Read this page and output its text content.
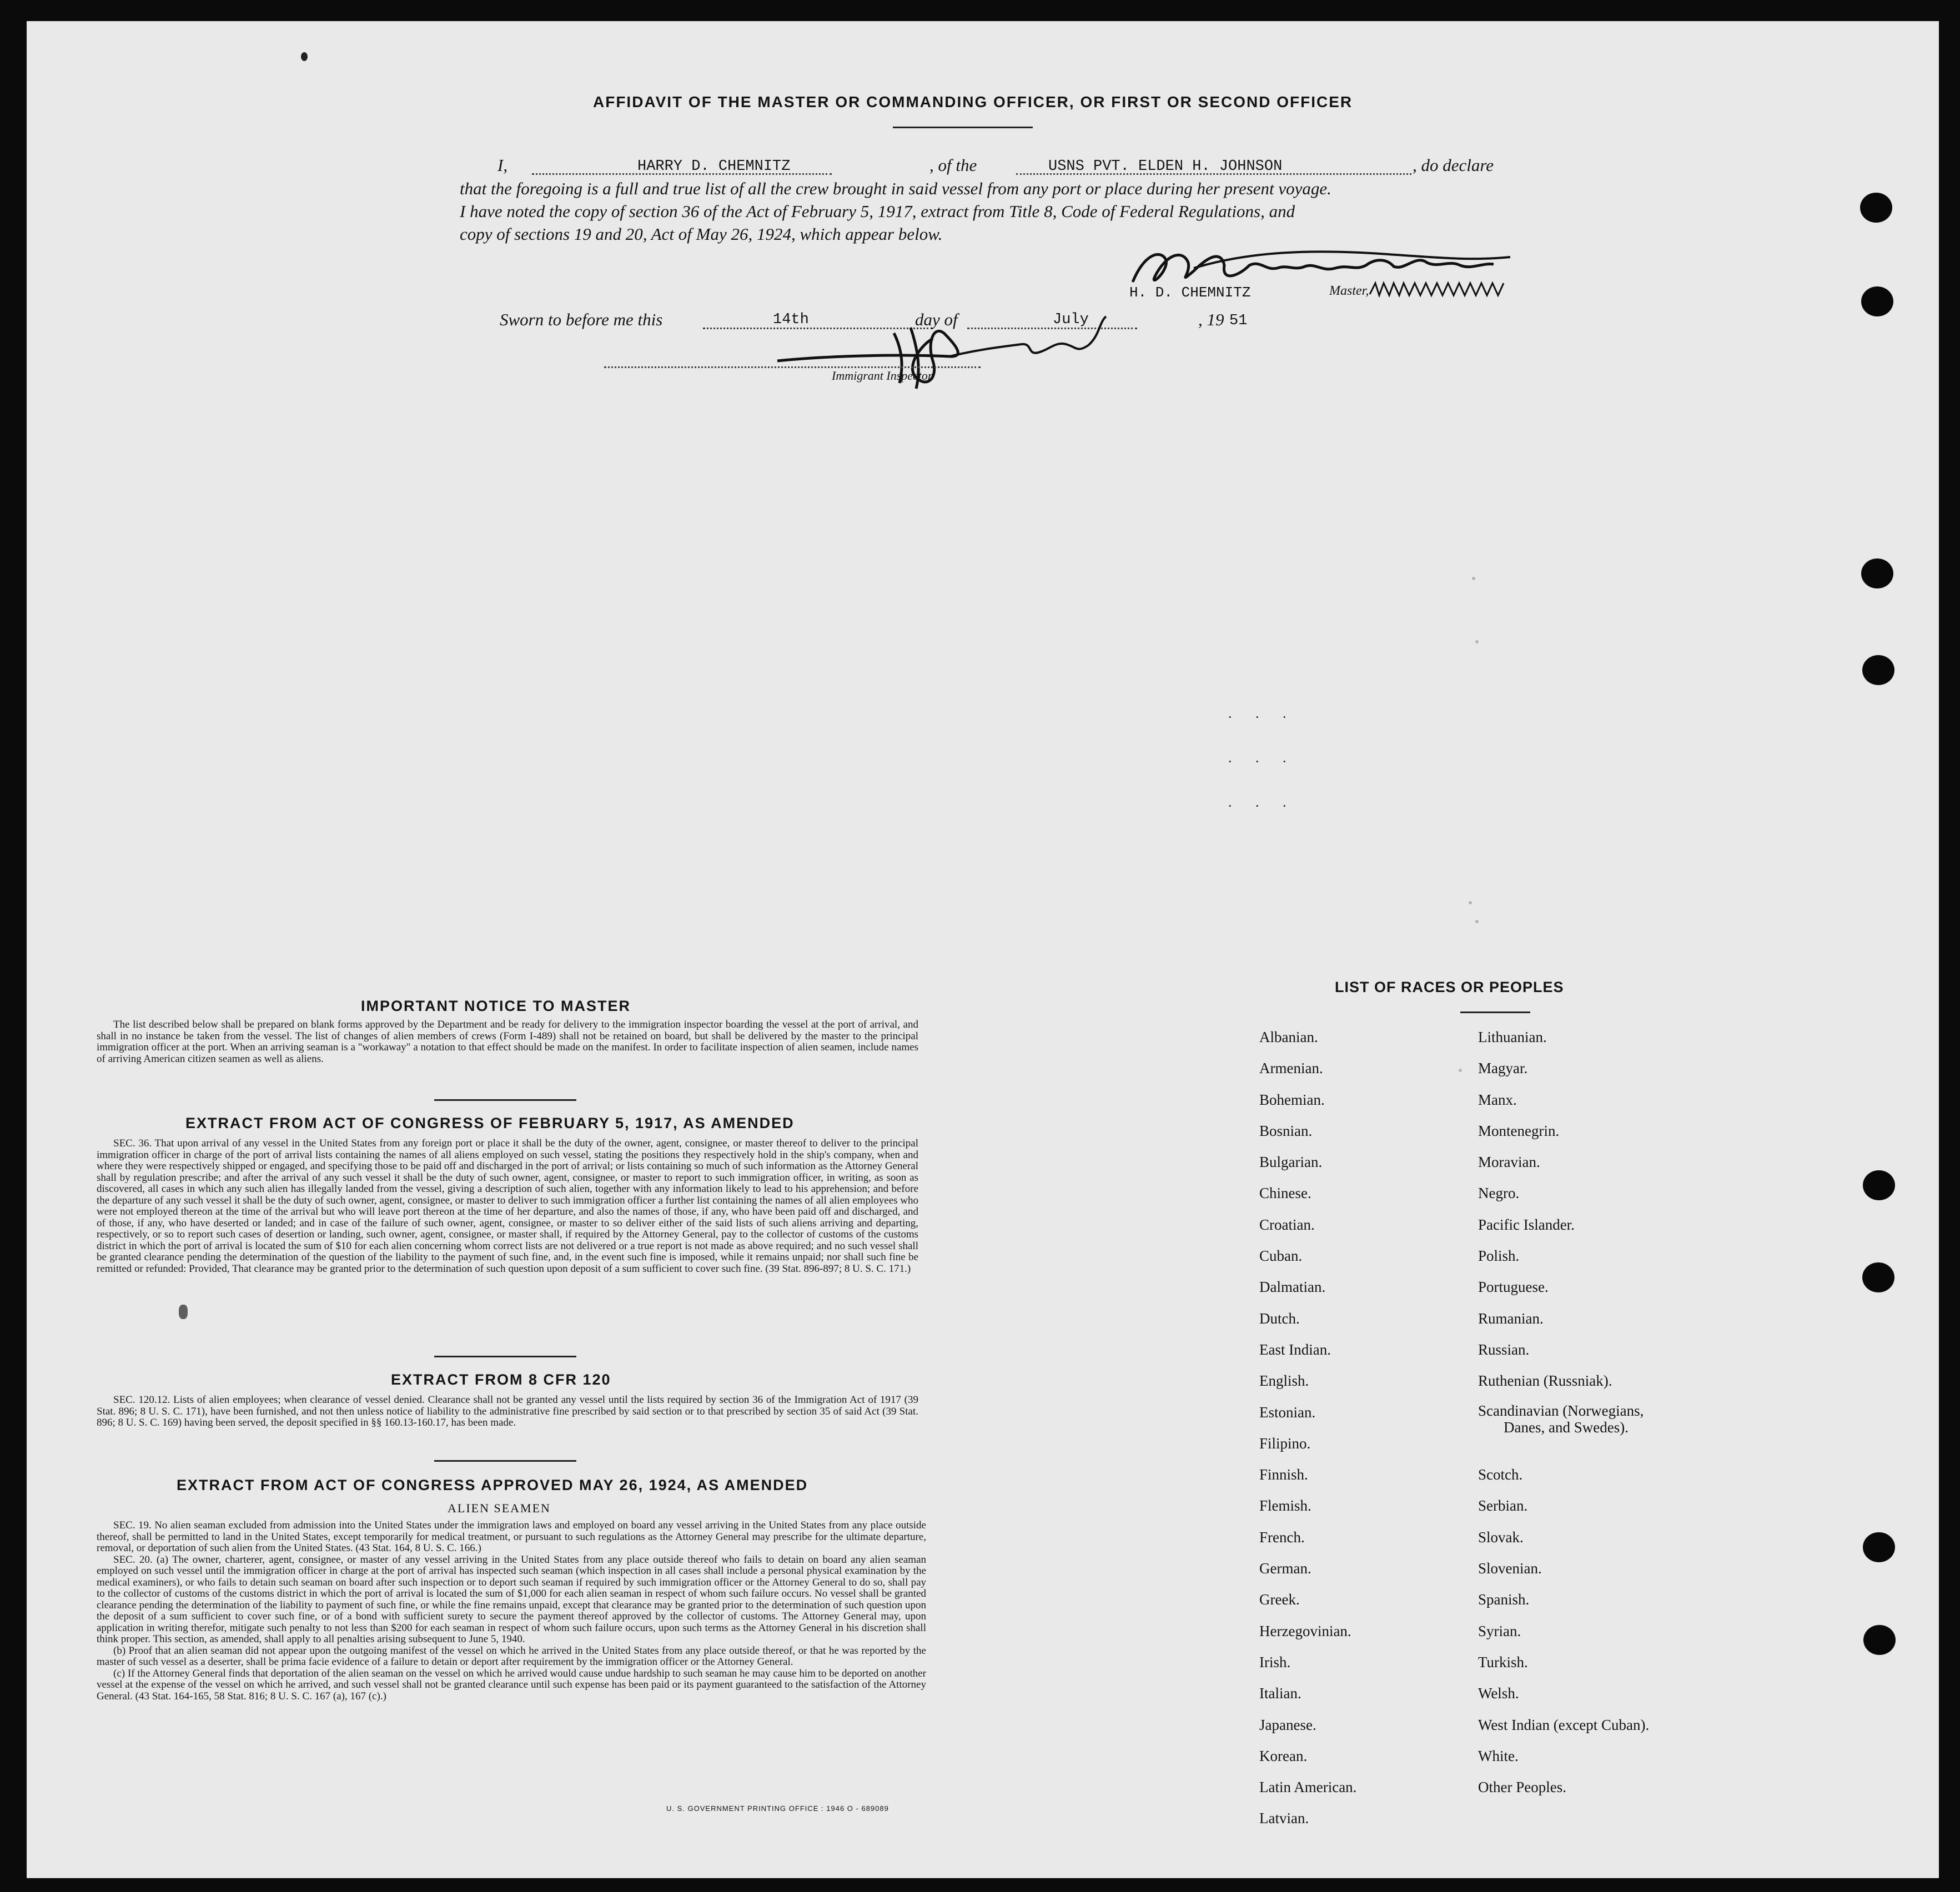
AFFIDAVIT OF THE MASTER OR COMMANDING OFFICER, OR FIRST OR SECOND OFFICER
I,	HARRY D. CHEMNITZ	, of the	USNS PVT. ELDEN H. JOHNSON	, do declare
that the foregoing is a full and true list of all the crew brought in said vessel from any port or place during her present voyage.
I have noted the copy of section 36 of the Act of February 5, 1917, extract from Title 8, Code of Federal Regulations, and
copy of sections 19 and 20, Act of May 26, 1924, which appear below.
H. D. CHEMNITZ	Master,
Sworn to before me this	14th	day of	July	, 19 51
Immigrant Inspector.
. . .
. . .
. . .
IMPORTANT NOTICE TO MASTER

The list described below shall be prepared on blank forms approved by the Department and be ready for delivery to the immigration inspector boarding the vessel at the port of arrival, and shall in no instance be taken from the vessel. The list of changes of alien members of crews (Form I-489) shall not be retained on board, but shall be delivered by the master to the principal immigration officer at the port. When an arriving seaman is a "workaway" a notation to that effect should be made on the manifest. In order to facilitate inspection of alien seamen, include names of arriving American citizen seamen as well as aliens.

EXTRACT FROM ACT OF CONGRESS OF FEBRUARY 5, 1917, AS AMENDED

SEC. 36. That upon arrival of any vessel in the United States from any foreign port or place it shall be the duty of the owner, agent, consignee, or master thereof to deliver to the principal immigration officer in charge of the port of arrival lists containing the names of all aliens employed on such vessel, stating the positions they respectively hold in the ship's company, when and where they were respectively shipped or engaged, and specifying those to be paid off and discharged in the port of arrival; or lists containing so much of such information as the Attorney General shall by regulation prescribe; and after the arrival of any such vessel it shall be the duty of such owner, agent, consignee, or master to report to such immigration officer, in writing, as soon as discovered, all cases in which any such alien has illegally landed from the vessel, giving a description of such alien, together with any information likely to lead to his apprehension; and before the departure of any such vessel it shall be the duty of such owner, agent, consignee, or master to deliver to such immigration officer a further list containing the names of all alien employees who were not employed thereon at the time of the arrival but who will leave port thereon at the time of her departure, and also the names of those, if any, who have been paid off and discharged, and of those, if any, who have deserted or landed; and in case of the failure of such owner, agent, consignee, or master to so deliver either of the said lists of such aliens arriving and departing, respectively, or so to report such cases of desertion or landing, such owner, agent, consignee, or master shall, if required by the Attorney General, pay to the collector of customs of the customs district in which the port of arrival is located the sum of $10 for each alien concerning whom correct lists are not delivered or a true report is not made as above required; and no such vessel shall be granted clearance pending the determination of the question of the liability to the payment of such fine, and, in the event such fine is imposed, while it remains unpaid; nor shall such fine be remitted or refunded: Provided, That clearance may be granted prior to the determination of such question upon deposit of a sum sufficient to cover such fine. (39 Stat. 896-897; 8 U. S. C. 171.)

EXTRACT FROM 8 CFR 120

SEC. 120.12. Lists of alien employees; when clearance of vessel denied. Clearance shall not be granted any vessel until the lists required by section 36 of the Immigration Act of 1917 (39 Stat. 896; 8 U. S. C. 171), have been furnished, and not then unless notice of liability to the administrative fine prescribed by said section or to that prescribed by section 35 of said Act (39 Stat. 896; 8 U. S. C. 169) having been served, the deposit specified in §§ 160.13-160.17, has been made.

EXTRACT FROM ACT OF CONGRESS APPROVED MAY 26, 1924, AS AMENDED
ALIEN SEAMEN

SEC. 19. No alien seaman excluded from admission into the United States under the immigration laws and employed on board any vessel arriving in the United States from any place outside thereof, shall be permitted to land in the United States, except temporarily for medical treatment, or pursuant to such regulations as the Attorney General may prescribe for the ultimate departure, removal, or deportation of such alien from the United States. (43 Stat. 164, 8 U. S. C. 166.)

SEC. 20. (a) The owner, charterer, agent, consignee, or master of any vessel arriving in the United States from any place outside thereof who fails to detain on board any alien seaman employed on such vessel until the immigration officer in charge at the port of arrival has inspected such seaman (which inspection in all cases shall include a personal physical examination by the medical examiners), or who fails to detain such seaman on board after such inspection or to deport such seaman if required by such immigration officer or the Attorney General to do so, shall pay to the collector of customs of the customs district in which the port of arrival is located the sum of $1,000 for each alien seaman in respect of whom such failure occurs. No vessel shall be granted clearance pending the determination of the liability to payment of such fine, or while the fine remains unpaid, except that clearance may be granted prior to the determination of such question upon the deposit of a sum sufficient to cover such fine, or of a bond with sufficient surety to secure the payment thereof approved by the collector of customs. The Attorney General may, upon application in writing therefor, mitigate such penalty to not less than $200 for each seaman in respect of whom such failure occurs, upon such terms as the Attorney General in his discretion shall think proper. This section, as amended, shall apply to all penalties arising subsequent to June 5, 1940.

(b) Proof that an alien seaman did not appear upon the outgoing manifest of the vessel on which he arrived in the United States from any place outside thereof, or that he was reported by the master of such vessel as a deserter, shall be prima facie evidence of a failure to detain or deport after requirement by the immigration officer or the Attorney General.

(c) If the Attorney General finds that deportation of the alien seaman on the vessel on which he arrived would cause undue hardship to such seaman he may cause him to be deported on another vessel at the expense of the vessel on which he arrived, and such vessel shall not be granted clearance until such expense has been paid or its payment guaranteed to the satisfaction of the Attorney General. (43 Stat. 164-165, 58 Stat. 816; 8 U. S. C. 167 (a), 167 (c).)

U. S. GOVERNMENT PRINTING OFFICE : 1946 O - 689089
LIST OF RACES OR PEOPLES
Albanian.
Armenian.
Bohemian.
Bosnian.
Bulgarian.
Chinese.
Croatian.
Cuban.
Dalmatian.
Dutch.
East Indian.
English.
Estonian.
Filipino.
Finnish.
Flemish.
French.
German.
Greek.
Herzegovinian.
Irish.
Italian.
Japanese.
Korean.
Latin American.
Latvian.
Lithuanian.
Magyar.
Manx.
Montenegrin.
Moravian.
Negro.
Pacific Islander.
Polish.
Portuguese.
Rumanian.
Russian.
Ruthenian (Russniak).
Scandinavian (Norwegians,
Danes, and Swedes).
Scotch.
Serbian.
Slovak.
Slovenian.
Spanish.
Syrian.
Turkish.
Welsh.
West Indian (except Cuban).
White.
Other Peoples.
